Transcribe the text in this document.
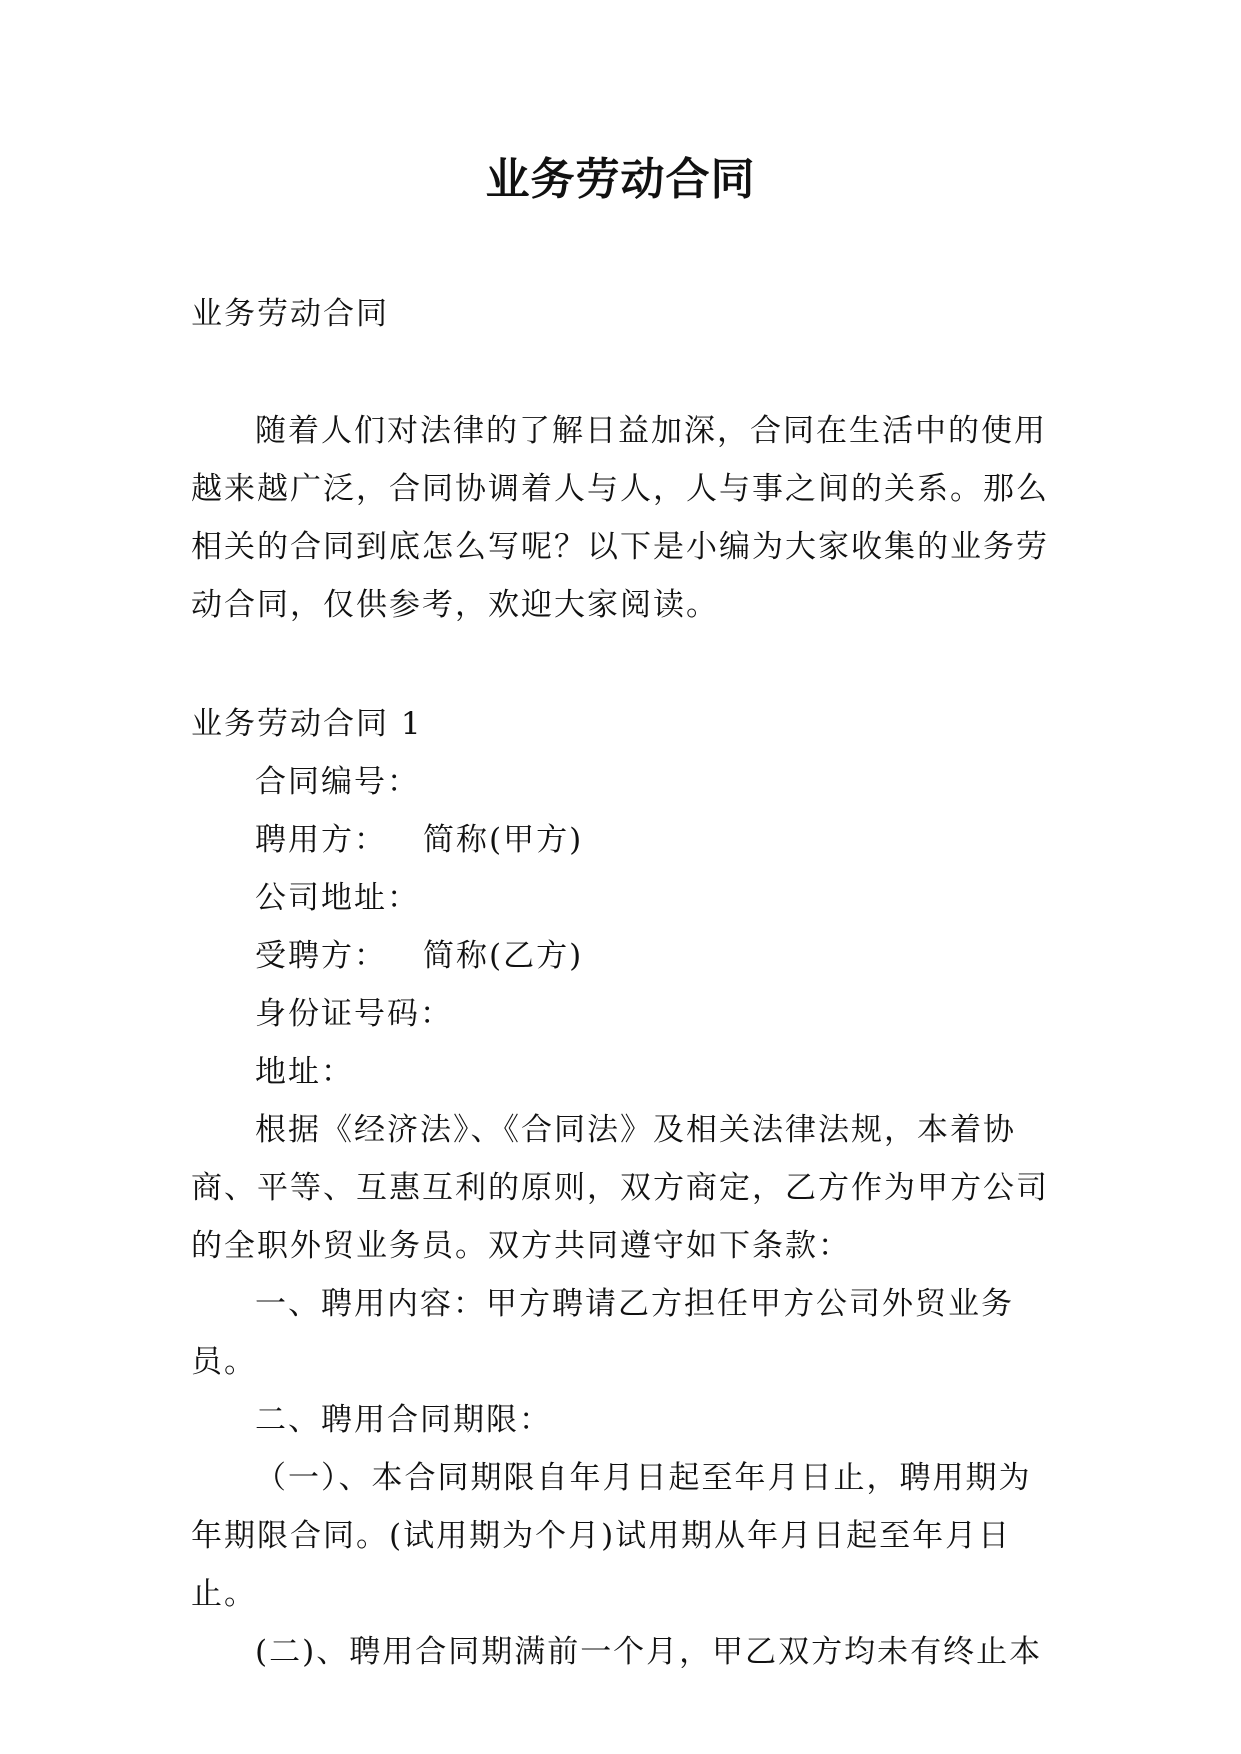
业务劳动合同
业务劳动合同
随着人们对法律的了解日益加深，合同在生活中的使用越来越广泛，合同协调着人与人，人与事之间的关系。那么相关的合同到底怎么写呢？以下是小编为大家收集的业务劳动合同，仅供参考，欢迎大家阅读。
业务劳动合同 1
合同编号：
聘用方： 简称(甲方)
公司地址：
受聘方： 简称(乙方)
身份证号码：
地址：

根据《经济法》、《合同法》及相关法律法规，本着协商、平等、互惠互利的原则，双方商定，乙方作为甲方公司的全职外贸业务员。双方共同遵守如下条款：

一、聘用内容：甲方聘请乙方担任甲方公司外贸业务员。

二、聘用合同期限：

（一）、本合同期限自年月日起至年月日止，聘用期为年期限合同。(试用期为个月)试用期从年月日起至年月日止。

(二)、聘用合同期满前一个月，甲乙双方均未有终止本
